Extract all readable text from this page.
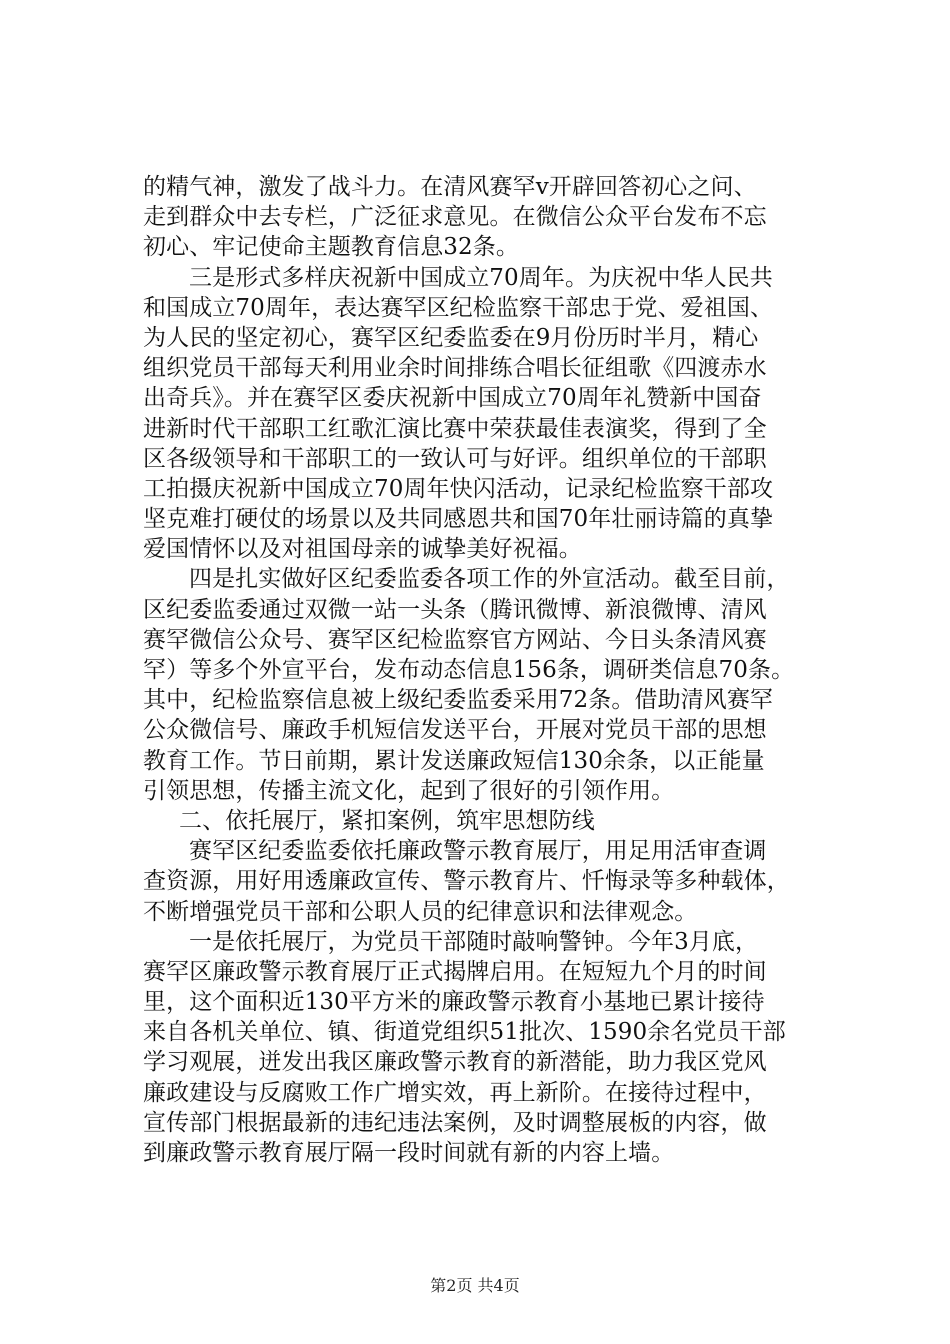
的精气神，激发了战斗力。在清风赛罕v开辟回答初心之问、
走到群众中去专栏，广泛征求意见。在微信公众平台发布不忘
初心、牢记使命主题教育信息32条。
三是形式多样庆祝新中国成立70周年。为庆祝中华人民共
和国成立70周年，表达赛罕区纪检监察干部忠于党、爱祖国、
为人民的坚定初心，赛罕区纪委监委在9月份历时半月，精心
组织党员干部每天利用业余时间排练合唱长征组歌《四渡赤水
出奇兵》。并在赛罕区委庆祝新中国成立70周年礼赞新中国奋
进新时代干部职工红歌汇演比赛中荣获最佳表演奖，得到了全
区各级领导和干部职工的一致认可与好评。组织单位的干部职
工拍摄庆祝新中国成立70周年快闪活动，记录纪检监察干部攻
坚克难打硬仗的场景以及共同感恩共和国70年壮丽诗篇的真挚
爱国情怀以及对祖国母亲的诚挚美好祝福。
四是扎实做好区纪委监委各项工作的外宣活动。截至目前，
区纪委监委通过双微一站一头条（腾讯微博、新浪微博、清风
赛罕微信公众号、赛罕区纪检监察官方网站、今日头条清风赛
罕）等多个外宣平台，发布动态信息156条，调研类信息70条。
其中，纪检监察信息被上级纪委监委采用72条。借助清风赛罕
公众微信号、廉政手机短信发送平台，开展对党员干部的思想
教育工作。节日前期，累计发送廉政短信130余条，以正能量
引领思想，传播主流文化，起到了很好的引领作用。
二、依托展厅，紧扣案例，筑牢思想防线
赛罕区纪委监委依托廉政警示教育展厅，用足用活审查调
查资源，用好用透廉政宣传、警示教育片、忏悔录等多种载体，
不断增强党员干部和公职人员的纪律意识和法律观念。
一是依托展厅，为党员干部随时敲响警钟。今年3月底，
赛罕区廉政警示教育展厅正式揭牌启用。在短短九个月的时间
里，这个面积近130平方米的廉政警示教育小基地已累计接待
来自各机关单位、镇、街道党组织51批次、1590余名党员干部
学习观展，迸发出我区廉政警示教育的新潜能，助力我区党风
廉政建设与反腐败工作广增实效，再上新阶。在接待过程中，
宣传部门根据最新的违纪违法案例，及时调整展板的内容，做
到廉政警示教育展厅隔一段时间就有新的内容上墙。
第2页 共4页
